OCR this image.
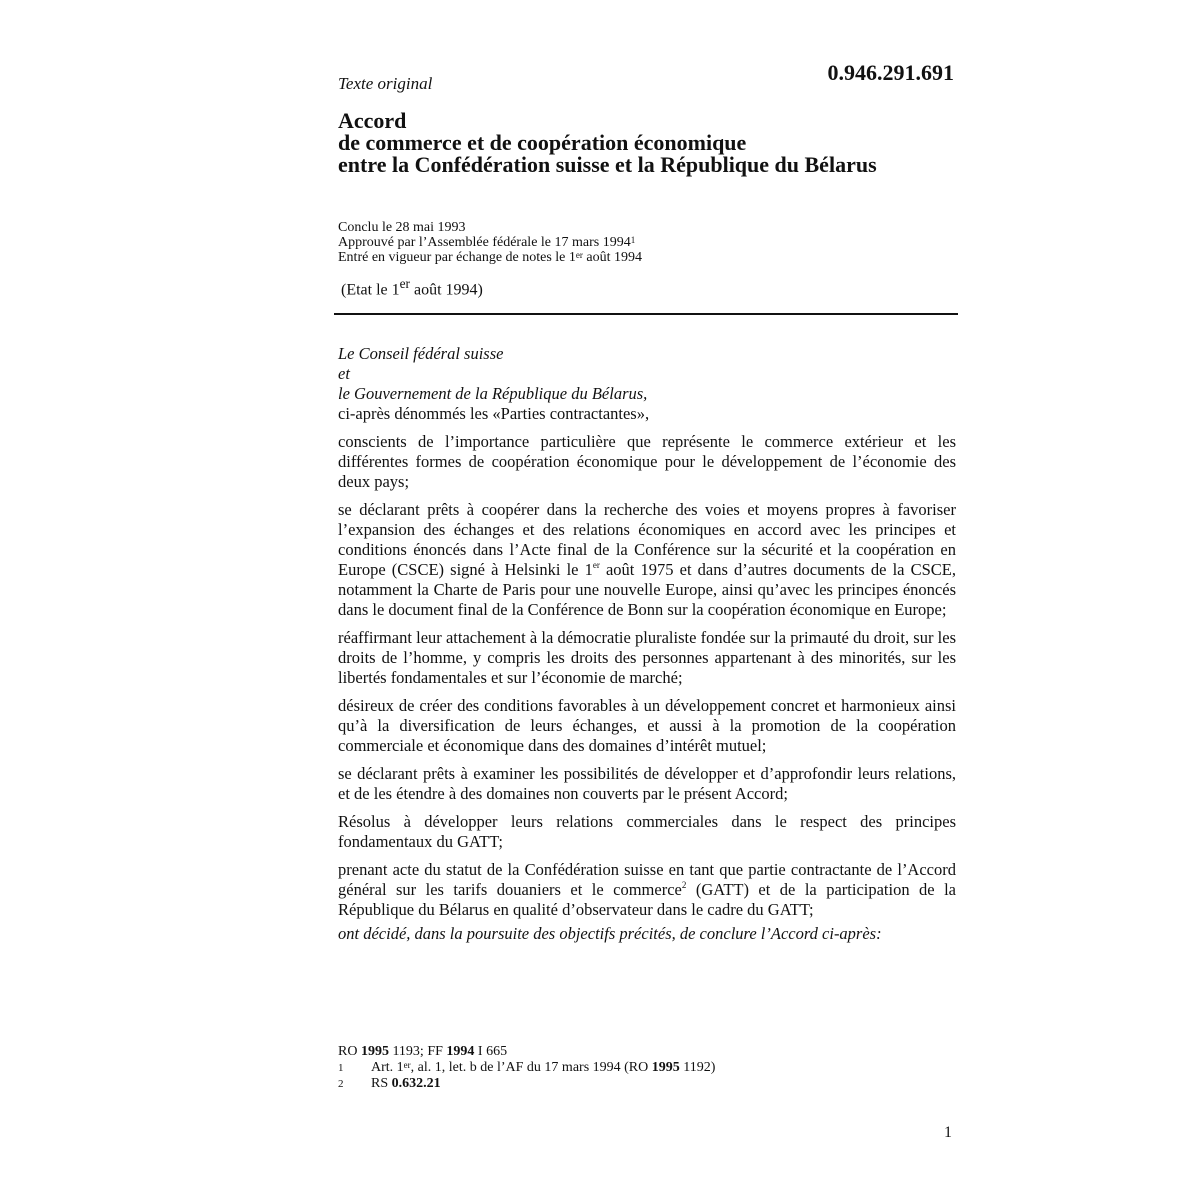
Texte original	0.946.291.691
Accord
de commerce et de coopération économique
entre la Confédération suisse et la République du Bélarus
Conclu le 28 mai 1993
Approuvé par l’Assemblée fédérale le 17 mars 1994$^1$
Entré en vigueur par échange de notes le 1er août 1994
(Etat le 1er août 1994)

Le Conseil fédéral suisse

et

le Gouvernement de la République du Bélarus,

ci-après dénommés les «Parties contractantes»,

conscients de l’importance particulière que représente le commerce extérieur et les différentes formes de coopération économique pour le développement de l’économie des deux pays;

se déclarant prêts à coopérer dans la recherche des voies et moyens propres à favoriser l’expansion des échanges et des relations économiques en accord avec les principes et conditions énoncés dans l’Acte final de la Conférence sur la sécurité et la coopération en Europe (CSCE) signé à Helsinki le 1er août 1975 et dans d’autres documents de la CSCE, notamment la Charte de Paris pour une nouvelle Europe, ainsi qu’avec les principes énoncés dans le document final de la Conférence de Bonn sur la coopération économique en Europe;

réaffirmant leur attachement à la démocratie pluraliste fondée sur la primauté du droit, sur les droits de l’homme, y compris les droits des personnes appartenant à des minorités, sur les libertés fondamentales et sur l’économie de marché;

désireux de créer des conditions favorables à un développement concret et harmonieux ainsi qu’à la diversification de leurs échanges, et aussi à la promotion de la coopération commerciale et économique dans des domaines d’intérêt mutuel;

se déclarant prêts à examiner les possibilités de développer et d’approfondir leurs relations, et de les étendre à des domaines non couverts par le présent Accord;

Résolus à développer leurs relations commerciales dans le respect des principes fondamentaux du GATT;

prenant acte du statut de la Confédération suisse en tant que partie contractante de l’Accord général sur les tarifs douaniers et le commerce$^2$ (GATT) et de la participation de la République du Bélarus en qualité d’observateur dans le cadre du GATT;

ont décidé, dans la poursuite des objectifs précités, de conclure l’Accord ci-après:

RO 1995 1193; FF 1994 I 665
1 Art. 1er, al. 1, let. b de l’AF du 17 mars 1994 (RO 1995 1192)
2 RS 0.632.21
1
